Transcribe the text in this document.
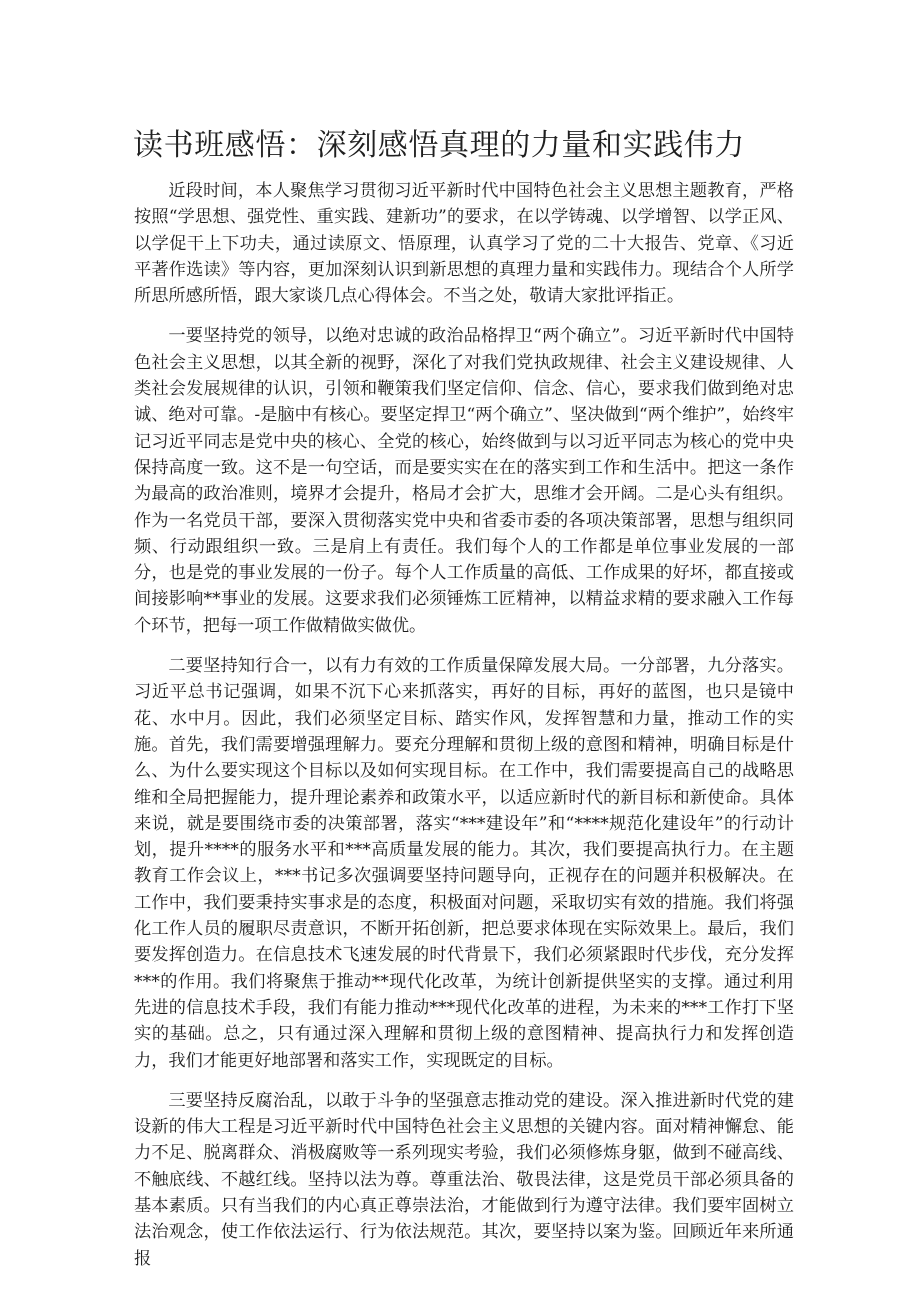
读书班感悟：深刻感悟真理的力量和实践伟力

近段时间，本人聚焦学习贯彻习近平新时代中国特色社会主义思想主题教育，严格按照“学思想、强党性、重实践、建新功”的要求，在以学铸魂、以学增智、以学正风、以学促干上下功夫，通过读原文、悟原理，认真学习了党的二十大报告、党章、《习近平著作选读》等内容，更加深刻认识到新思想的真理力量和实践伟力。现结合个人所学所思所感所悟，跟大家谈几点心得体会。不当之处，敬请大家批评指正。

一要坚持党的领导，以绝对忠诚的政治品格捍卫“两个确立”。习近平新时代中国特色社会主义思想，以其全新的视野，深化了对我们党执政规律、社会主义建设规律、人类社会发展规律的认识，引领和鞭策我们坚定信仰、信念、信心，要求我们做到绝对忠诚、绝对可靠。-是脑中有核心。要坚定捍卫“两个确立”、坚决做到“两个维护”，始终牢记习近平同志是党中央的核心、全党的核心，始终做到与以习近平同志为核心的党中央保持高度一致。这不是一句空话，而是要实实在在的落实到工作和生活中。把这一条作为最高的政治准则，境界才会提升，格局才会扩大，思维才会开阔。二是心头有组织。作为一名党员干部，要深入贯彻落实党中央和省委市委的各项决策部署，思想与组织同频、行动跟组织一致。三是肩上有责任。我们每个人的工作都是单位事业发展的一部分，也是党的事业发展的一份子。每个人工作质量的高低、工作成果的好坏，都直接或间接影响**事业的发展。这要求我们必须锤炼工匠精神，以精益求精的要求融入工作每个环节，把每一项工作做精做实做优。

二要坚持知行合一，以有力有效的工作质量保障发展大局。一分部署，九分落实。习近平总书记强调，如果不沉下心来抓落实，再好的目标，再好的蓝图，也只是镜中花、水中月。因此，我们必须坚定目标、踏实作风，发挥智慧和力量，推动工作的实施。首先，我们需要增强理解力。要充分理解和贯彻上级的意图和精神，明确目标是什么、为什么要实现这个目标以及如何实现目标。在工作中，我们需要提高自己的战略思维和全局把握能力，提升理论素养和政策水平，以适应新时代的新目标和新使命。具体来说，就是要围绕市委的决策部署，落实“***建设年”和“****规范化建设年”的行动计划，提升****的服务水平和***高质量发展的能力。其次，我们要提高执行力。在主题教育工作会议上，***书记多次强调要坚持问题导向，正视存在的问题并积极解决。在工作中，我们要秉持实事求是的态度，积极面对问题，采取切实有效的措施。我们将强化工作人员的履职尽责意识，不断开拓创新，把总要求体现在实际效果上。最后，我们要发挥创造力。在信息技术飞速发展的时代背景下，我们必须紧跟时代步伐，充分发挥***的作用。我们将聚焦于推动**现代化改革，为统计创新提供坚实的支撑。通过利用先进的信息技术手段，我们有能力推动***现代化改革的进程，为未来的***工作打下坚实的基础。总之，只有通过深入理解和贯彻上级的意图精神、提高执行力和发挥创造力，我们才能更好地部署和落实工作，实现既定的目标。

三要坚持反腐治乱，以敢于斗争的坚强意志推动党的建设。深入推进新时代党的建设新的伟大工程是习近平新时代中国特色社会主义思想的关键内容。面对精神懈怠、能力不足、脱离群众、消极腐败等一系列现实考验，我们必须修炼身躯，做到不碰高线、不触底线、不越红线。坚持以法为尊。尊重法治、敬畏法律，这是党员干部必须具备的基本素质。只有当我们的内心真正尊崇法治，才能做到行为遵守法律。我们要牢固树立法治观念，使工作依法运行、行为依法规范。其次，要坚持以案为鉴。回顾近年来所通报
